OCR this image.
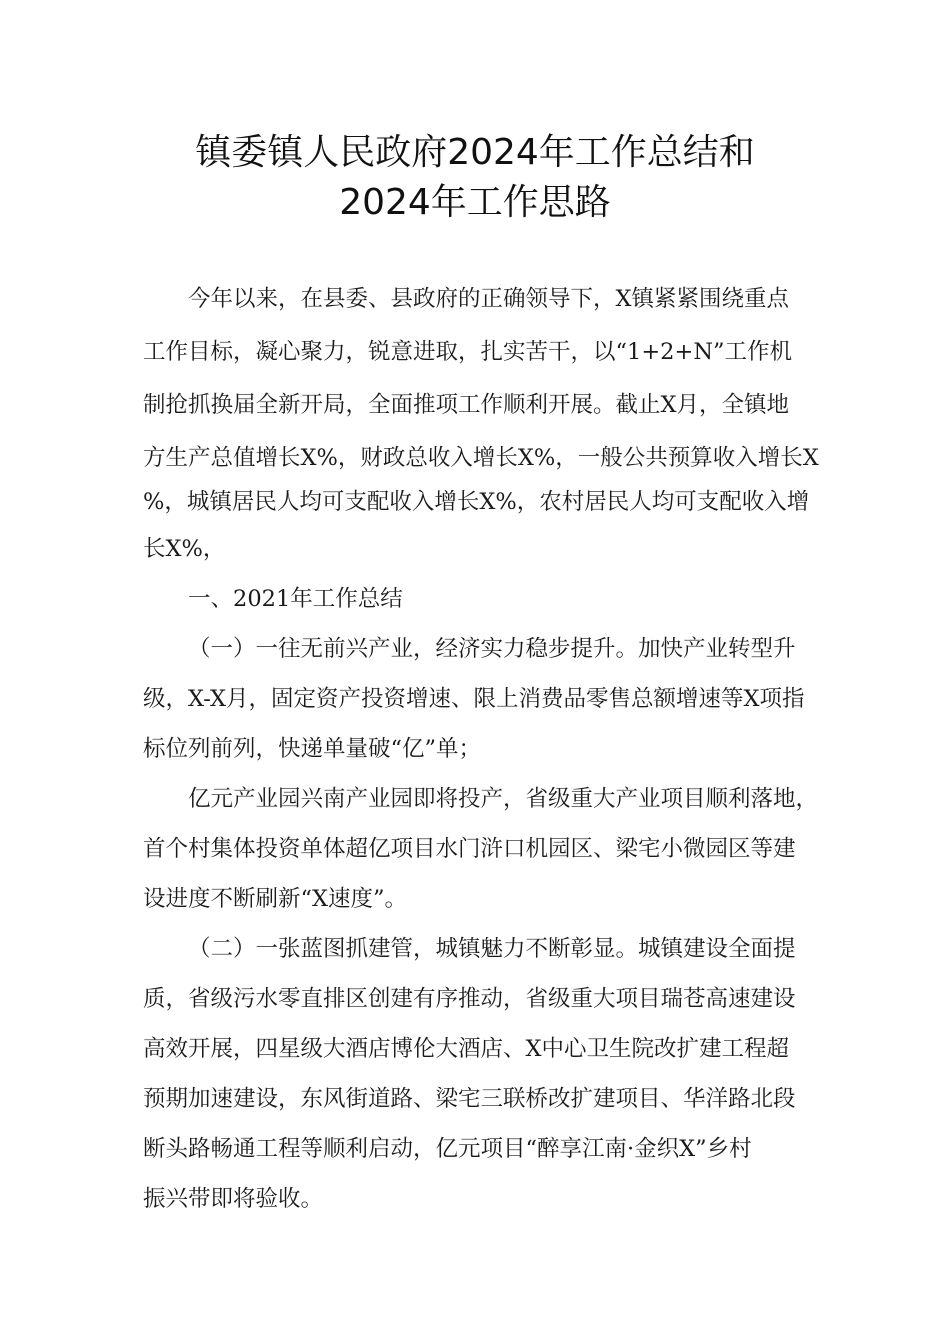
镇委镇人民政府2024年工作总结和
2024年工作思路
今年以来，在县委、县政府的正确领导下，X镇紧紧围绕重点
工作目标，凝心聚力，锐意进取，扎实苦干，以“1+2+N”工作机
制抢抓换届全新开局，全面推项工作顺利开展。截止X月，全镇地
方生产总值增长X%，财政总收入增长X%，一般公共预算收入增长X
%，城镇居民人均可支配收入增长X%，农村居民人均可支配收入增
长X%，
一、2021年工作总结
（一）一往无前兴产业，经济实力稳步提升。加快产业转型升
级，X-X月，固定资产投资增速、限上消费品零售总额增速等X项指
标位列前列，快递单量破“亿”单；
亿元产业园兴南产业园即将投产，省级重大产业项目顺利落地，
首个村集体投资单体超亿项目水门浒口机园区、梁宅小微园区等建
设进度不断刷新“X速度”。
（二）一张蓝图抓建管，城镇魅力不断彰显。城镇建设全面提
质，省级污水零直排区创建有序推动，省级重大项目瑞苍高速建设
高效开展，四星级大酒店博伦大酒店、X中心卫生院改扩建工程超
预期加速建设，东风街道路、梁宅三联桥改扩建项目、华洋路北段
断头路畅通工程等顺利启动，亿元项目“醉享江南·金织X”乡村
振兴带即将验收。
